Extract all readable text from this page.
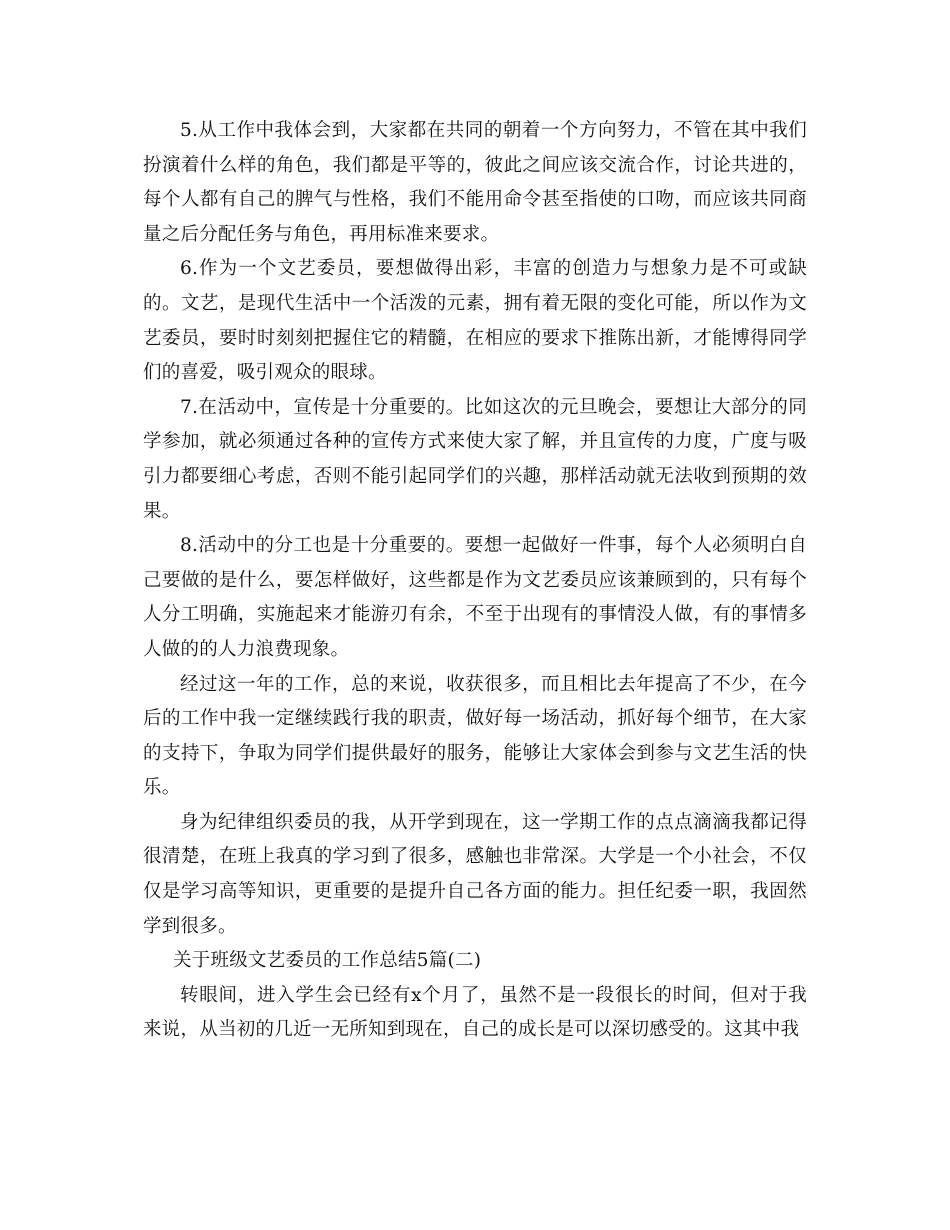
5.从工作中我体会到，大家都在共同的朝着一个方向努力，不管在其中我们扮演着什么样的角色，我们都是平等的，彼此之间应该交流合作，讨论共进的，每个人都有自己的脾气与性格，我们不能用命令甚至指使的口吻，而应该共同商量之后分配任务与角色，再用标准来要求。

6.作为一个文艺委员，要想做得出彩，丰富的创造力与想象力是不可或缺的。文艺，是现代生活中一个活泼的元素，拥有着无限的变化可能，所以作为文艺委员，要时时刻刻把握住它的精髓，在相应的要求下推陈出新，才能博得同学们的喜爱，吸引观众的眼球。

7.在活动中，宣传是十分重要的。比如这次的元旦晚会，要想让大部分的同学参加，就必须通过各种的宣传方式来使大家了解，并且宣传的力度，广度与吸引力都要细心考虑，否则不能引起同学们的兴趣，那样活动就无法收到预期的效果。

8.活动中的分工也是十分重要的。要想一起做好一件事，每个人必须明白自己要做的是什么，要怎样做好，这些都是作为文艺委员应该兼顾到的，只有每个人分工明确，实施起来才能游刃有余，不至于出现有的事情没人做，有的事情多人做的的人力浪费现象。

经过这一年的工作，总的来说，收获很多，而且相比去年提高了不少，在今后的工作中我一定继续践行我的职责，做好每一场活动，抓好每个细节，在大家的支持下，争取为同学们提供最好的服务，能够让大家体会到参与文艺生活的快乐。

身为纪律组织委员的我，从开学到现在，这一学期工作的点点滴滴我都记得很清楚，在班上我真的学习到了很多，感触也非常深。大学是一个小社会，不仅仅是学习高等知识，更重要的是提升自己各方面的能力。担任纪委一职，我固然学到很多。

关于班级文艺委员的工作总结5篇(二)

转眼间，进入学生会已经有x个月了，虽然不是一段很长的时间，但对于我来说，从当初的几近一无所知到现在，自己的成长是可以深切感受的。这其中我
